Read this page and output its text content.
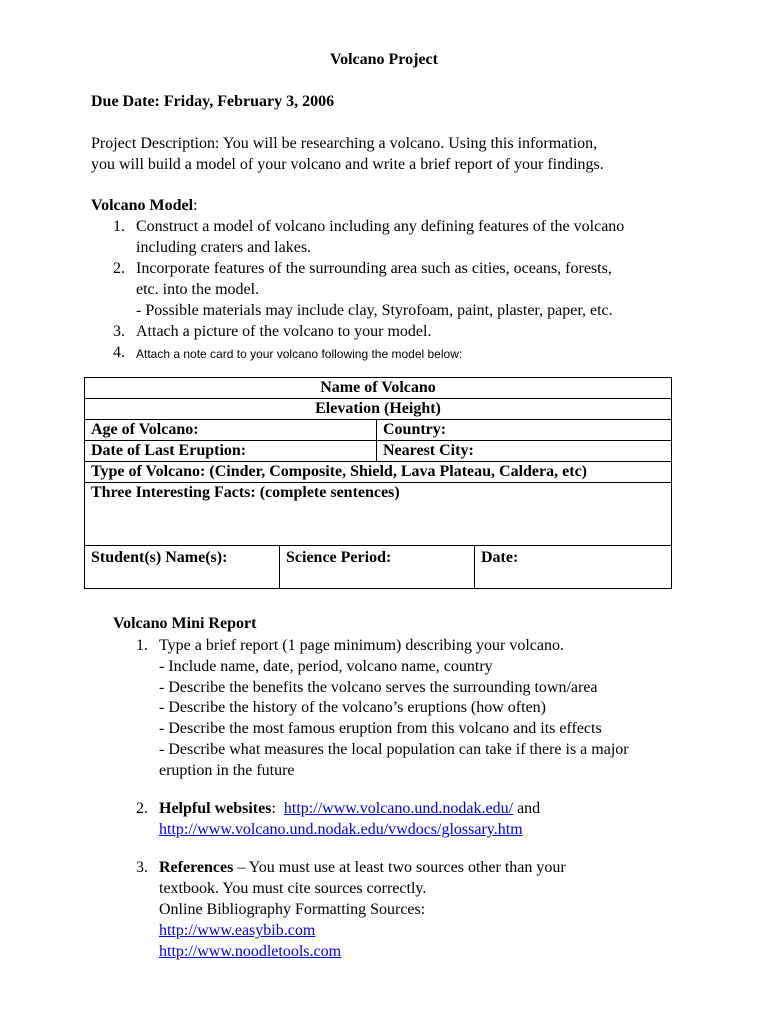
Volcano Project
Due Date: Friday, February 3, 2006
Project Description: You will be researching a volcano. Using this information,
you will build a model of your volcano and write a brief report of your findings.
Volcano Model:
1. Construct a model of volcano including any defining features of the volcano
including craters and lakes.
2. Incorporate features of the surrounding area such as cities, oceans, forests,
etc. into the model.
- Possible materials may include clay, Styrofoam, paint, plaster, paper, etc.
3. Attach a picture of the volcano to your model.
4. Attach a note card to your volcano following the model below:
Name of Volcano			
Elevation (Height)			
Age of Volcano:		Country:	
Date of Last Eruption:		Nearest City:	
Type of Volcano: (Cinder, Composite, Shield, Lava Plateau, Caldera, etc)			
Three Interesting Facts: (complete sentences)			
Student(s) Name(s):	Science Period:		Date:
Volcano Mini Report
1. Type a brief report (1 page minimum) describing your volcano.
- Include name, date, period, volcano name, country
- Describe the benefits the volcano serves the surrounding town/area
- Describe the history of the volcano’s eruptions (how often)
- Describe the most famous eruption from this volcano and its effects
- Describe what measures the local population can take if there is a major
eruption in the future
2. Helpful websites: http://www.volcano.und.nodak.edu/ and
http://www.volcano.und.nodak.edu/vwdocs/glossary.htm
3. References – You must use at least two sources other than your
textbook. You must cite sources correctly.
Online Bibliography Formatting Sources:
http://www.easybib.com
http://www.noodletools.com
